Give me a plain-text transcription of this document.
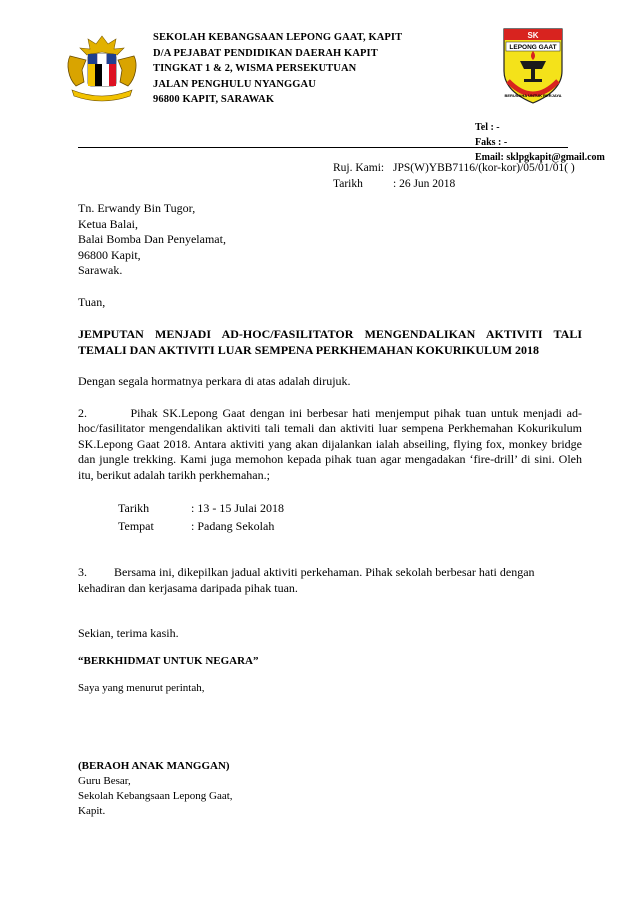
SEKOLAH KEBANGSAAN LEPONG GAAT, KAPIT
D/A PEJABAT PENDIDIKAN DAERAH KAPIT
TINGKAT 1 & 2, WISMA PERSEKUTUAN
JALAN PENGHULU NYANGGAU
96800 KAPIT, SARAWAK
SK
LEPONG GAAT
BERUSAHA UNTUK BERJAYA
Tel : -
Faks : -
Email: sklpgkapit@gmail.com
Ruj. Kami: JPS(W)YBB7116/(kor-kor)/05/01/01( )
Tarikh	: 26 Jun 2018
Tn. Erwandy Bin Tugor,
Ketua Balai,
Balai Bomba Dan Penyelamat,
96800 Kapit,
Sarawak.
Tuan,
JEMPUTAN MENJADI AD-HOC/FASILITATOR MENGENDALIKAN AKTIVITI TALI TEMALI DAN AKTIVITI LUAR SEMPENA PERKHEMAHAN KOKURIKULUM 2018
Dengan segala hormatnya perkara di atas adalah dirujuk.
2.         Pihak SK.Lepong Gaat dengan ini berbesar hati menjemput pihak tuan untuk menjadi ad-hoc/fasilitator mengendalikan aktiviti tali temali dan aktiviti luar sempena Perkhemahan Kokurikulum SK.Lepong Gaat 2018. Antara aktiviti yang akan dijalankan ialah abseiling, flying fox, monkey bridge dan jungle trekking. Kami juga memohon kepada pihak tuan agar mengadakan ‘fire-drill’ di sini. Oleh itu, berikut adalah tarikh perkhemahan.;
Tarikh	: 13 - 15 Julai 2018
Tempat	: Padang Sekolah
3.         Bersama ini, dikepilkan jadual aktiviti perkehaman. Pihak sekolah berbesar hati dengan kehadiran dan kerjasama daripada pihak tuan.
Sekian, terima kasih.
“BERKHIDMAT UNTUK NEGARA”
Saya yang menurut perintah,
(BERAOH ANAK MANGGAN)
Guru Besar,
Sekolah Kebangsaan Lepong Gaat,
Kapit.
